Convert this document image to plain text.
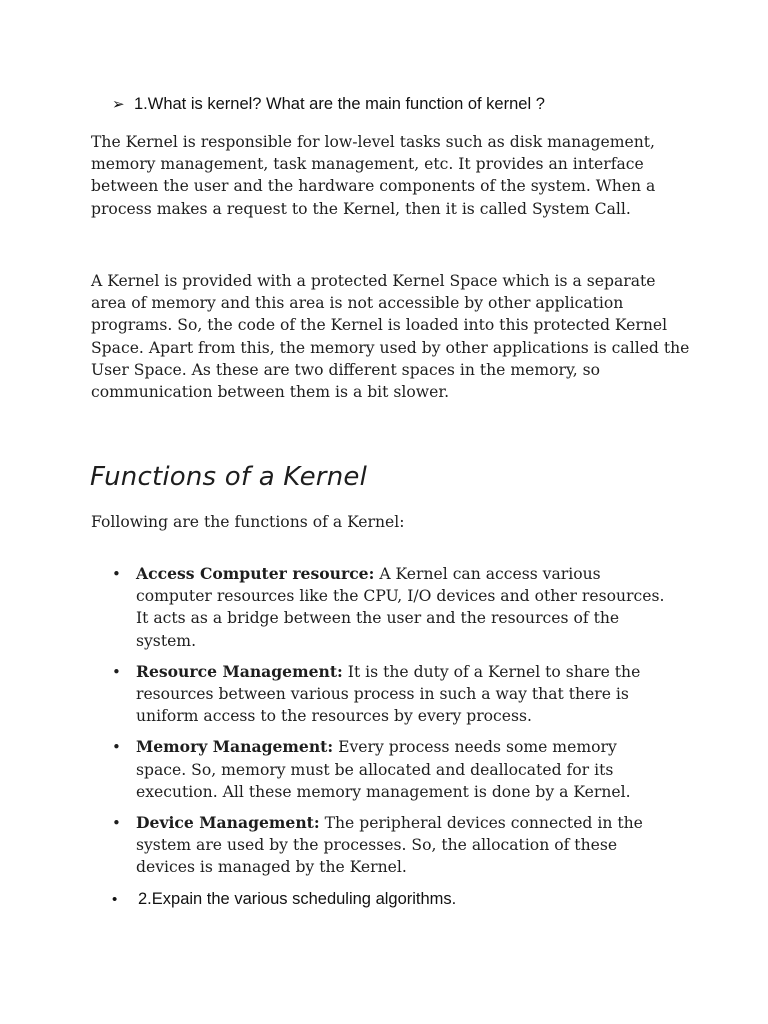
➢ 1.What is kernel? What are the main function of kernel ?

The Kernel is responsible for low-level tasks such as disk management, memory management, task management, etc. It provides an interface between the user and the hardware components of the system. When a process makes a request to the Kernel, then it is called System Call.

A Kernel is provided with a protected Kernel Space which is a separate area of memory and this area is not accessible by other application programs. So, the code of the Kernel is loaded into this protected Kernel Space. Apart from this, the memory used by other applications is called the User Space. As these are two different spaces in the memory, so communication between them is a bit slower.

Functions of a Kernel

Following are the functions of a Kernel:

• Access Computer resource: A Kernel can access various computer resources like the CPU, I/O devices and other resources. It acts as a bridge between the user and the resources of the system.
• Resource Management: It is the duty of a Kernel to share the resources between various process in such a way that there is uniform access to the resources by every process.
• Memory Management: Every process needs some memory space. So, memory must be allocated and deallocated for its execution. All these memory management is done by a Kernel.
• Device Management: The peripheral devices connected in the system are used by the processes. So, the allocation of these devices is managed by the Kernel.
• 2.Expain the various scheduling algorithms.
